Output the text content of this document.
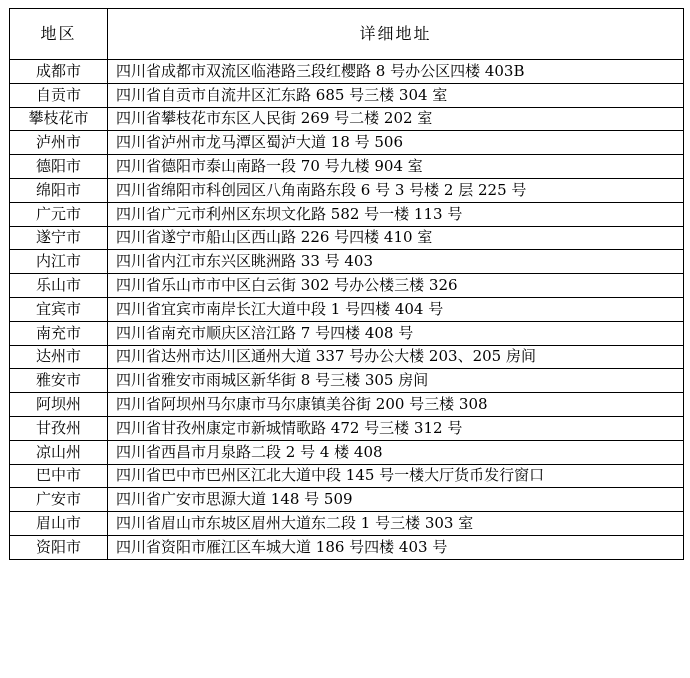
地区	详细地址
成都市	四川省成都市双流区临港路三段红樱路 8 号办公区四楼 403B
自贡市	四川省自贡市自流井区汇东路 685 号三楼 304 室
攀枝花市	四川省攀枝花市东区人民街 269 号二楼 202 室
泸州市	四川省泸州市龙马潭区蜀泸大道 18 号 506
德阳市	四川省德阳市泰山南路一段 70 号九楼 904 室
绵阳市	四川省绵阳市科创园区八角南路东段 6 号 3 号楼 2 层 225 号
广元市	四川省广元市利州区东坝文化路 582 号一楼 113 号
遂宁市	四川省遂宁市船山区西山路 226 号四楼 410 室
内江市	四川省内江市东兴区眺洲路 33 号 403
乐山市	四川省乐山市市中区白云街 302 号办公楼三楼 326
宜宾市	四川省宜宾市南岸长江大道中段 1 号四楼 404 号
南充市	四川省南充市顺庆区涪江路 7 号四楼 408 号
达州市	四川省达州市达川区通州大道 337 号办公大楼 203、205 房间
雅安市	四川省雅安市雨城区新华街 8 号三楼 305 房间
阿坝州	四川省阿坝州马尔康市马尔康镇美谷街 200 号三楼 308
甘孜州	四川省甘孜州康定市新城情歌路 472 号三楼 312 号
凉山州	四川省西昌市月泉路二段 2 号 4 楼 408
巴中市	四川省巴中市巴州区江北大道中段 145 号一楼大厅货币发行窗口
广安市	四川省广安市思源大道 148 号 509
眉山市	四川省眉山市东坡区眉州大道东二段 1 号三楼 303 室
资阳市	四川省资阳市雁江区车城大道 186 号四楼 403 号
